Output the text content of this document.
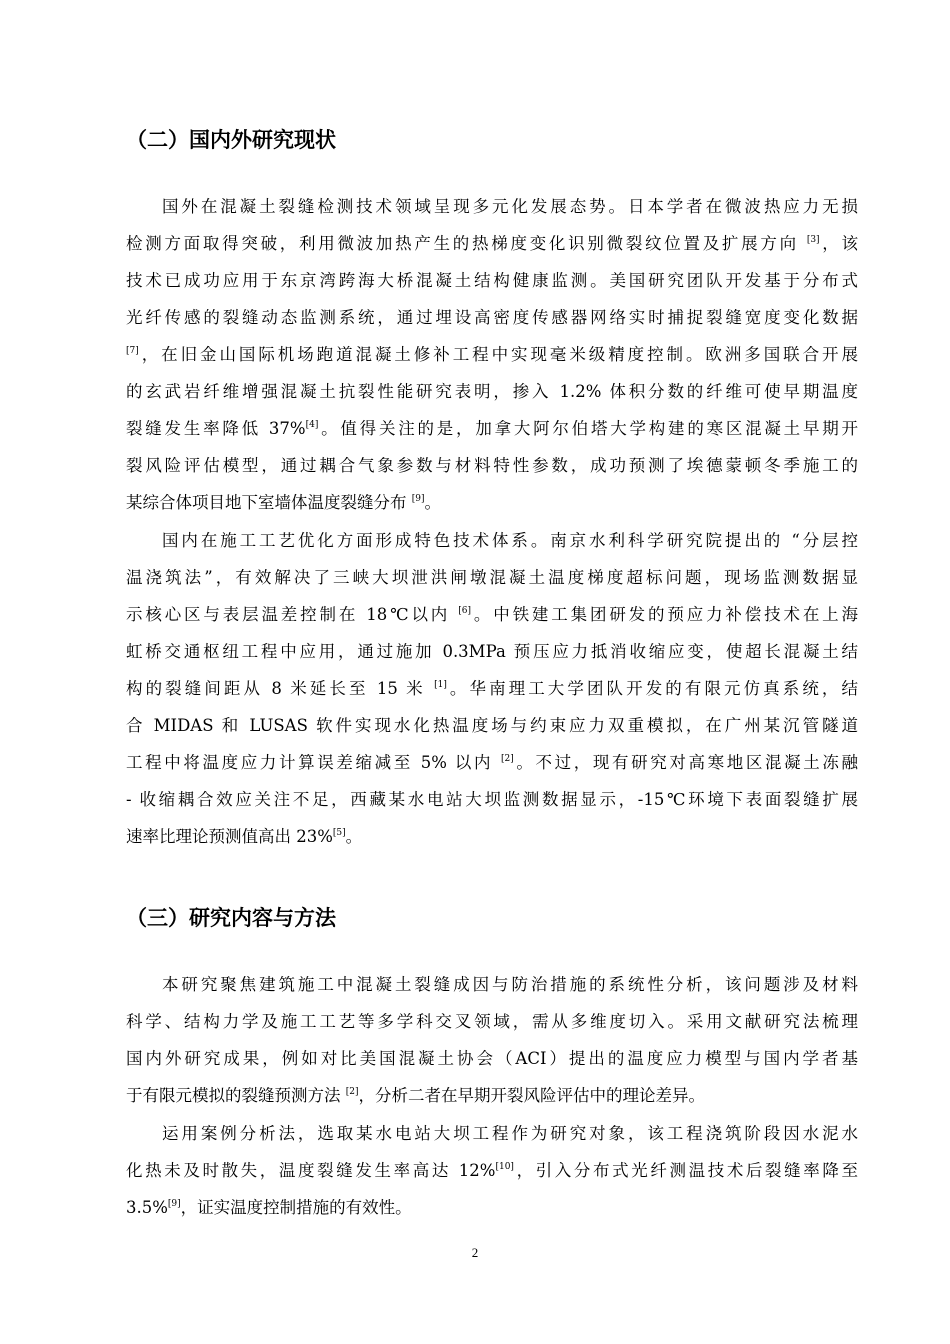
（二）国内外研究现状
国外在混凝土裂缝检测技术领域呈现多元化发展态势。日本学者在微波热应力无损
检测方面取得突破，利用微波加热产生的热梯度变化识别微裂纹位置及扩展方向 [3]，该
技术已成功应用于东京湾跨海大桥混凝土结构健康监测。美国研究团队开发基于分布式
光纤传感的裂缝动态监测系统，通过埋设高密度传感器网络实时捕捉裂缝宽度变化数据
[7]，在旧金山国际机场跑道混凝土修补工程中实现毫米级精度控制。欧洲多国联合开展
的玄武岩纤维增强混凝土抗裂性能研究表明，掺入 1.2% 体积分数的纤维可使早期温度
裂缝发生率降低 37%[4]。值得关注的是，加拿大阿尔伯塔大学构建的寒区混凝土早期开
裂风险评估模型，通过耦合气象参数与材料特性参数，成功预测了埃德蒙顿冬季施工的
某综合体项目地下室墙体温度裂缝分布 [9]。
国内在施工工艺优化方面形成特色技术体系。南京水利科学研究院提出的 “分层控
温浇筑法”，有效解决了三峡大坝泄洪闸墩混凝土温度梯度超标问题，现场监测数据显
示核心区与表层温差控制在 18℃以内 [6]。中铁建工集团研发的预应力补偿技术在上海
虹桥交通枢纽工程中应用，通过施加 0.3MPa 预压应力抵消收缩应变，使超长混凝土结
构的裂缝间距从 8 米延长至 15 米 [1]。华南理工大学团队开发的有限元仿真系统，结
合 MIDAS 和 LUSAS 软件实现水化热温度场与约束应力双重模拟，在广州某沉管隧道
工程中将温度应力计算误差缩减至 5% 以内 [2]。不过，现有研究对高寒地区混凝土冻融
- 收缩耦合效应关注不足，西藏某水电站大坝监测数据显示，-15℃环境下表面裂缝扩展
速率比理论预测值高出 23%[5]。
（三）研究内容与方法
本研究聚焦建筑施工中混凝土裂缝成因与防治措施的系统性分析，该问题涉及材料
科学、结构力学及施工工艺等多学科交叉领域，需从多维度切入。采用文献研究法梳理
国内外研究成果，例如对比美国混凝土协会（ACI）提出的温度应力模型与国内学者基
于有限元模拟的裂缝预测方法 [2]，分析二者在早期开裂风险评估中的理论差异。
运用案例分析法，选取某水电站大坝工程作为研究对象，该工程浇筑阶段因水泥水
化热未及时散失，温度裂缝发生率高达 12%[10]，引入分布式光纤测温技术后裂缝率降至
3.5%[9]，证实温度控制措施的有效性。
2
